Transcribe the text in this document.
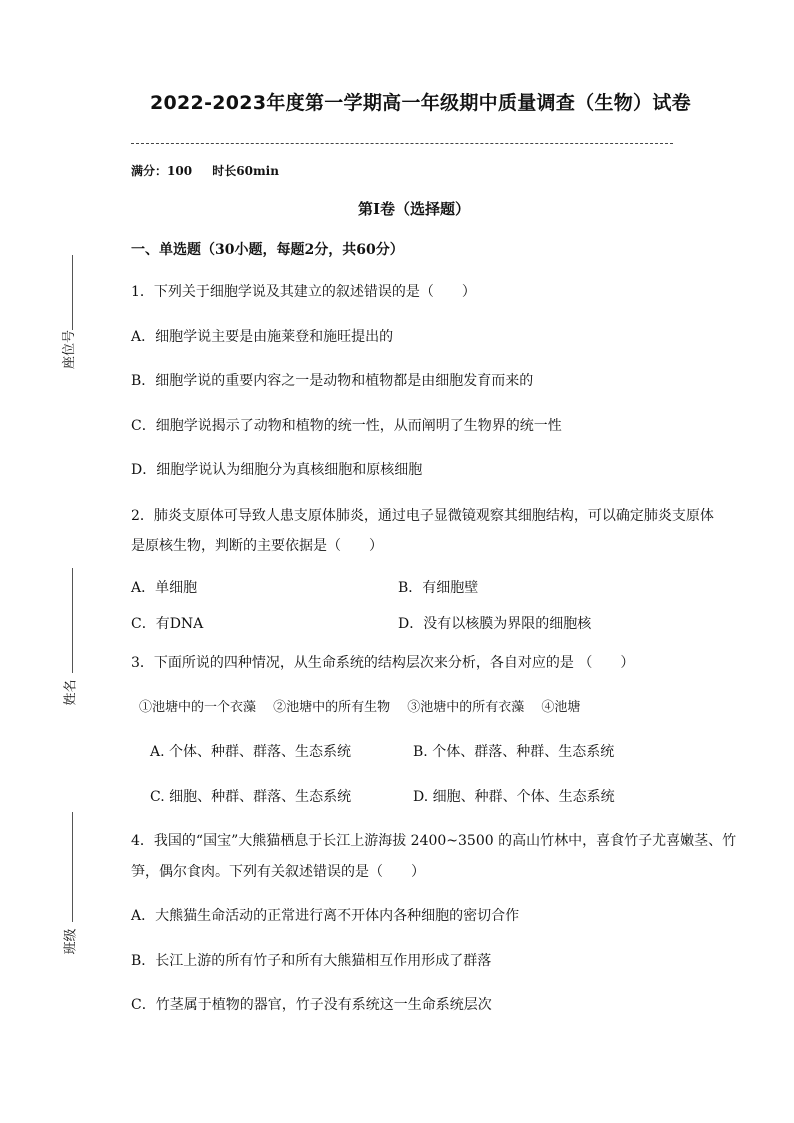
座位号
姓名
班级
2022-2023年度第一学期高一年级期中质量调查（生物）试卷
满分：100 时长60min
第Ⅰ卷（选择题）
一、单选题（30小题，每题2分，共60分）
1．下列关于细胞学说及其建立的叙述错误的是（　　）
A．细胞学说主要是由施莱登和施旺提出的
B．细胞学说的重要内容之一是动物和植物都是由细胞发育而来的
C．细胞学说揭示了动物和植物的统一性，从而阐明了生物界的统一性
D．细胞学说认为细胞分为真核细胞和原核细胞
2．肺炎支原体可导致人患支原体肺炎，通过电子显微镜观察其细胞结构，可以确定肺炎支原体
是原核生物，判断的主要依据是（　　）
A．单细胞	B．有细胞壁
C．有DNA	D．没有以核膜为界限的细胞核
3．下面所说的四种情况，从生命系统的结构层次来分析，各自对应的是 （　　）
①池塘中的一个衣藻　 ②池塘中的所有生物　 ③池塘中的所有衣藻　 ④池塘
A. 个体、种群、群落、生态系统	B. 个体、群落、种群、生态系统
C. 细胞、种群、群落、生态系统	D. 细胞、种群、个体、生态系统
4．我国的“国宝”大熊猫栖息于长江上游海拔 2400~3500 的高山竹林中，喜食竹子尤喜嫩茎、竹
笋，偶尔食肉。下列有关叙述错误的是（　　）
A．大熊猫生命活动的正常进行离不开体内各种细胞的密切合作
B．长江上游的所有竹子和所有大熊猫相互作用形成了群落
C．竹茎属于植物的器官，竹子没有系统这一生命系统层次
